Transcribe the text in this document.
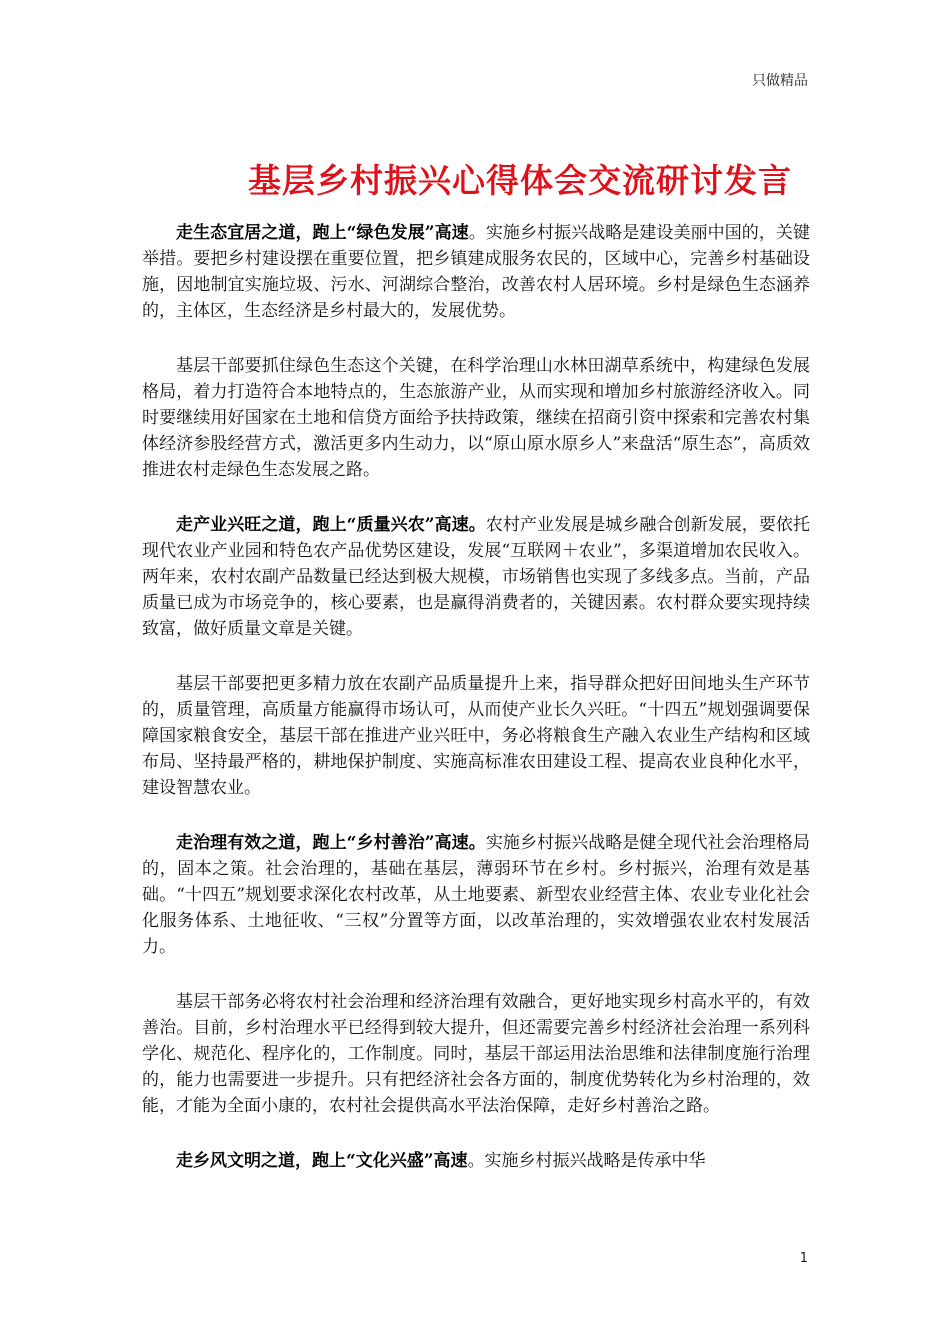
只做精品
基层乡村振兴心得体会交流研讨发言

走生态宜居之道，跑上“绿色发展”高速。实施乡村振兴战略是建设美丽中国的，关键举措。要把乡村建设摆在重要位置，把乡镇建成服务农民的，区域中心，完善乡村基础设施，因地制宜实施垃圾、污水、河湖综合整治，改善农村人居环境。乡村是绿色生态涵养的，主体区，生态经济是乡村最大的，发展优势。

基层干部要抓住绿色生态这个关键，在科学治理山水林田湖草系统中，构建绿色发展格局，着力打造符合本地特点的，生态旅游产业，从而实现和增加乡村旅游经济收入。同时要继续用好国家在土地和信贷方面给予扶持政策，继续在招商引资中探索和完善农村集体经济参股经营方式，激活更多内生动力，以“原山原水原乡人”来盘活“原生态”，高质效推进农村走绿色生态发展之路。

走产业兴旺之道，跑上“质量兴农”高速。农村产业发展是城乡融合创新发展，要依托现代农业产业园和特色农产品优势区建设，发展“互联网＋农业”，多渠道增加农民收入。两年来，农村农副产品数量已经达到极大规模，市场销售也实现了多线多点。当前，产品质量已成为市场竞争的，核心要素，也是赢得消费者的，关键因素。农村群众要实现持续致富，做好质量文章是关键。

基层干部要把更多精力放在农副产品质量提升上来，指导群众把好田间地头生产环节的，质量管理，高质量方能赢得市场认可，从而使产业长久兴旺。“十四五”规划强调要保障国家粮食安全，基层干部在推进产业兴旺中，务必将粮食生产融入农业生产结构和区域布局、坚持最严格的，耕地保护制度、实施高标准农田建设工程、提高农业良种化水平，建设智慧农业。

走治理有效之道，跑上“乡村善治”高速。实施乡村振兴战略是健全现代社会治理格局的，固本之策。社会治理的，基础在基层，薄弱环节在乡村。乡村振兴，治理有效是基础。“十四五”规划要求深化农村改革，从土地要素、新型农业经营主体、农业专业化社会化服务体系、土地征收、“三权”分置等方面，以改革治理的，实效增强农业农村发展活力。

基层干部务必将农村社会治理和经济治理有效融合，更好地实现乡村高水平的，有效善治。目前，乡村治理水平已经得到较大提升，但还需要完善乡村经济社会治理一系列科学化、规范化、程序化的，工作制度。同时，基层干部运用法治思维和法律制度施行治理的，能力也需要进一步提升。只有把经济社会各方面的，制度优势转化为乡村治理的，效能，才能为全面小康的，农村社会提供高水平法治保障，走好乡村善治之路。

走乡风文明之道，跑上“文化兴盛”高速。实施乡村振兴战略是传承中华

1
